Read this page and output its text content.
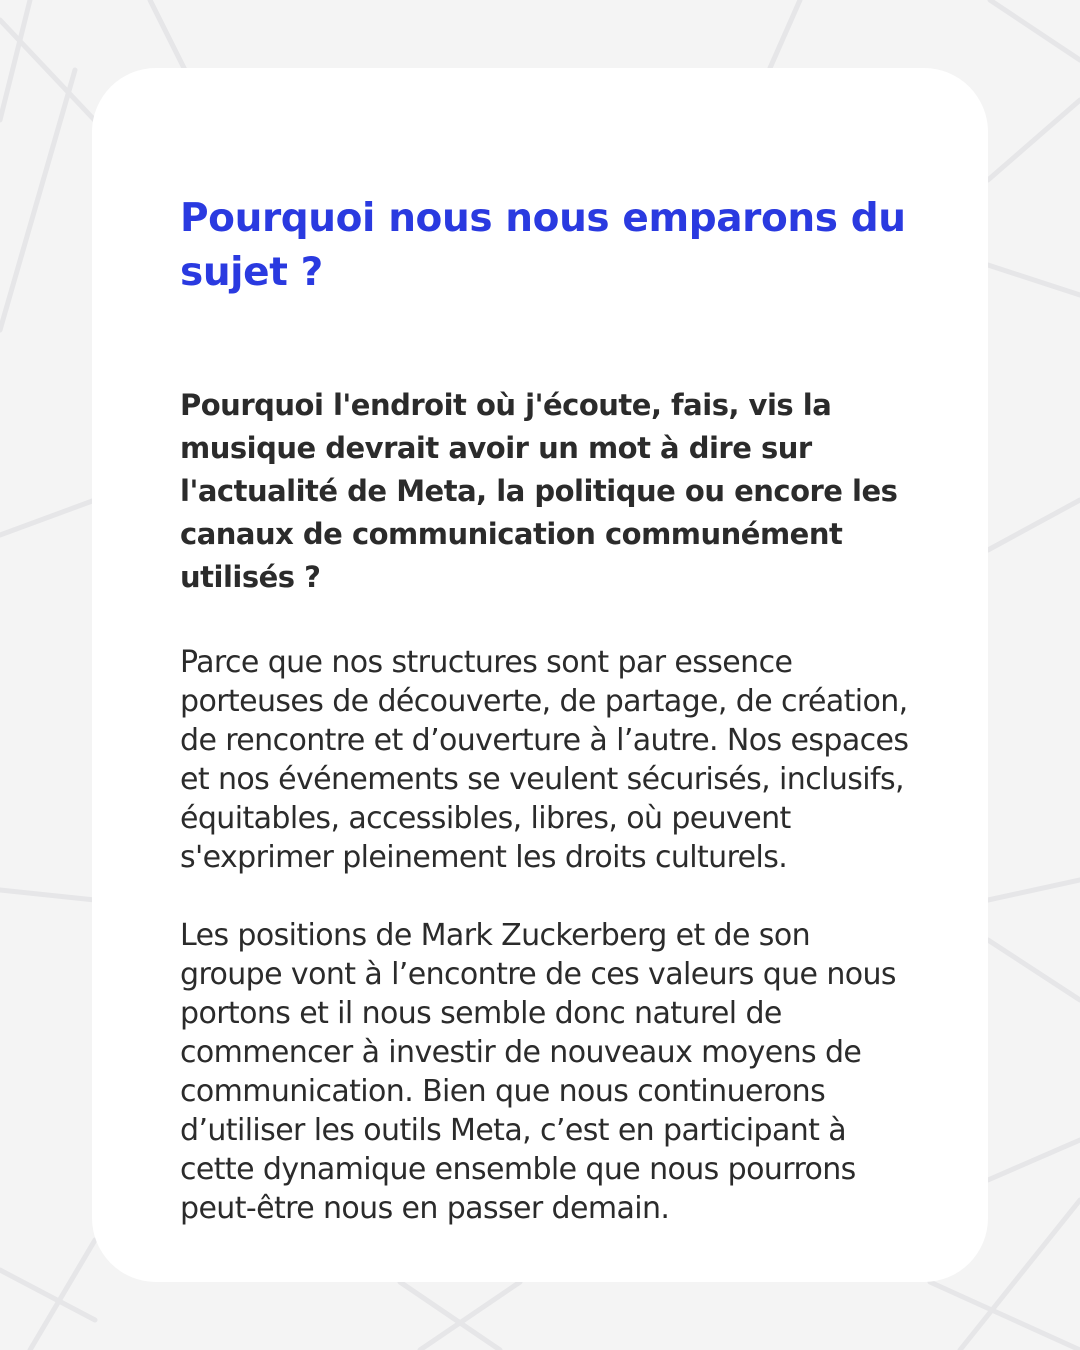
Pourquoi nous nous emparons du sujet ?

Pourquoi l'endroit où j'écoute, fais, vis la musique devrait avoir un mot à dire sur l'actualité de Meta, la politique ou encore les canaux de communication communément utilisés ?

Parce que nos structures sont par essence porteuses de découverte, de partage, de création, de rencontre et d’ouverture à l’autre. Nos espaces et nos événements se veulent sécurisés, inclusifs, équitables, accessibles, libres, où peuvent s'exprimer pleinement les droits culturels.

Les positions de Mark Zuckerberg et de son groupe vont à l’encontre de ces valeurs que nous portons et il nous semble donc naturel de commencer à investir de nouveaux moyens de communication. Bien que nous continuerons d’utiliser les outils Meta, c’est en participant à cette dynamique ensemble que nous pourrons peut-être nous en passer demain.
